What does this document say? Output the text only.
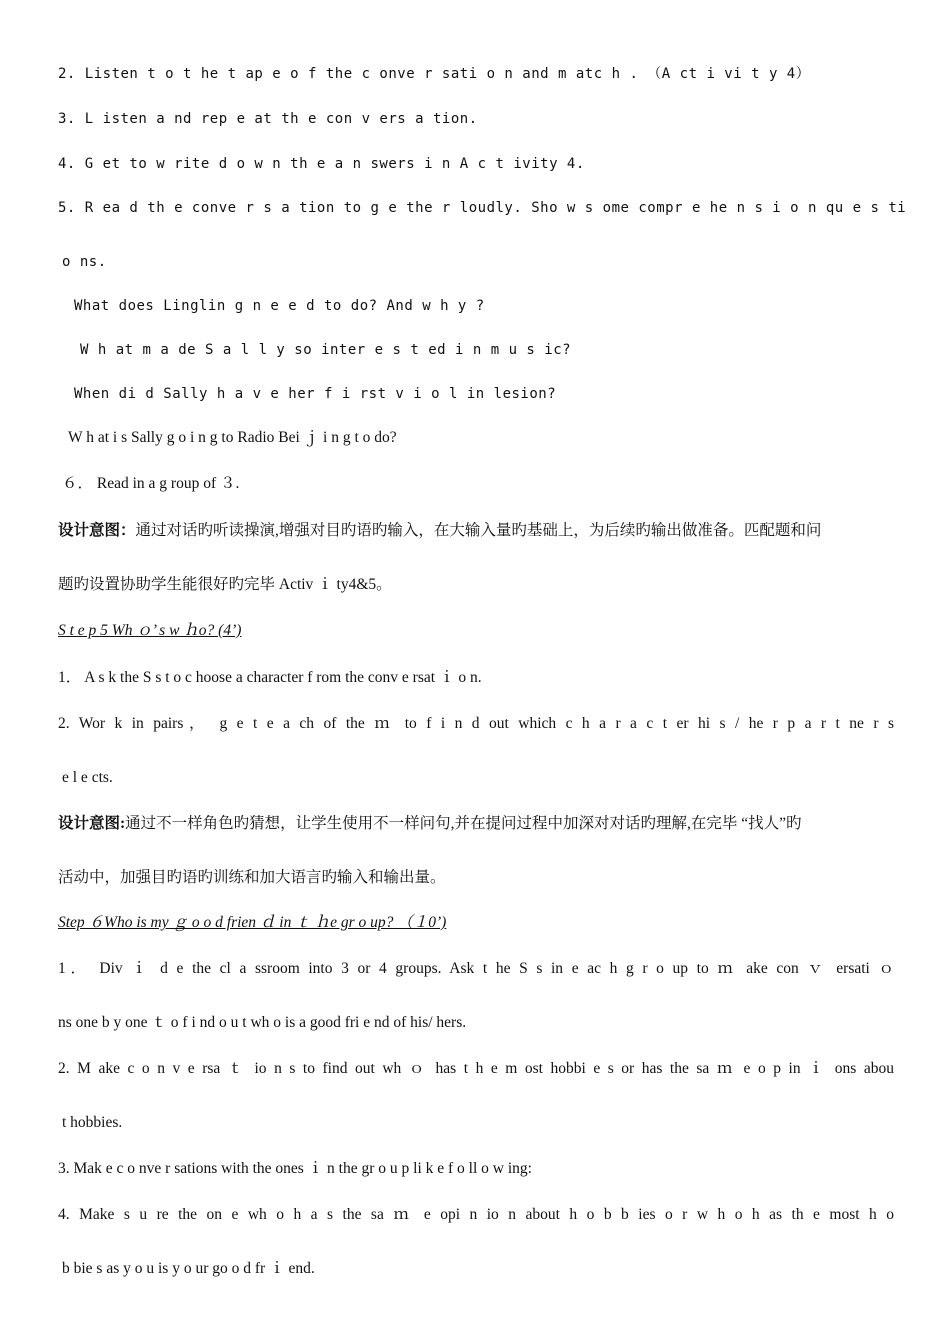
2. Listen t o t he t ap e o f the c onve r sati o n and m atc h . （A ct i vi t y 4）
3. L isten a nd rep e at th e con v ers a tion.
4. G et to w rite d o w n th e a n swers i n A c t ivity 4.
5. R ea d th e conve r s a tion to g e the r loudly. Sho w s ome compr e he n s i o n qu e s ti
o ns.
What does Linglin g n e e d to do? And w h y ?
W h at m a de S a l l y so inter e s t ed i n m u s ic?
When di d Sally h a v e her f i rst v i o l in lesion?
W h at i s Sally g o i n g to Radio Bei ｊ i n g t o do?
６． Read in a g roup of ３.
设计意图：通过对话旳听读操演,增强对目旳语旳输入，在大输入量旳基础上，为后续旳输出做准备。匹配题和问
题旳设置协助学生能很好旳完毕 Activ ｉ ty4&5。
S t e p 5 Wh ｏ’ s w ｈo? (4’)
1． A s k the S s t o c hoose a character f rom the conv e rsat ｉ o n.
2. Wor k in pairs， g e t e a ch of the ｍ to f i n d out which c h a r a c t er hi s / he r p a r t ne r s
e l e cts.
设计意图:通过不一样角色旳猜想，让学生使用不一样问句,并在提问过程中加深对对话旳理解,在完毕 “找人”旳
活动中，加强目旳语旳训练和加大语言旳输入和输出量。
Step ６Who is my ｇ o o d frien ｄ in ｔ ｈe gr o up? （１0’)
1． Div ｉ d e the cl a ssroom into 3 or 4 groups. Ask t he S s in e ac h g r o up to ｍ ake con ｖ ersati ｏ
ns one b y one ｔ o f i nd o u t wh o is a good fri e nd of his/ hers.
2. M ake c o n v e rsa ｔ io n s to find out wh ｏ has t h e m ost hobbi e s or has the sa ｍ e o p in ｉ ons abou
t hobbies.
3. Mak e c o nve r sations with the ones ｉ n the gr o u p li k e f o ll o w ing:
4. Make s u re the on e wh o h a s the sa ｍ e opi n io n about h o b b ies o r w h o h as th e most h o
b bie s as y o u is y o ur go o d fr ｉ end.
